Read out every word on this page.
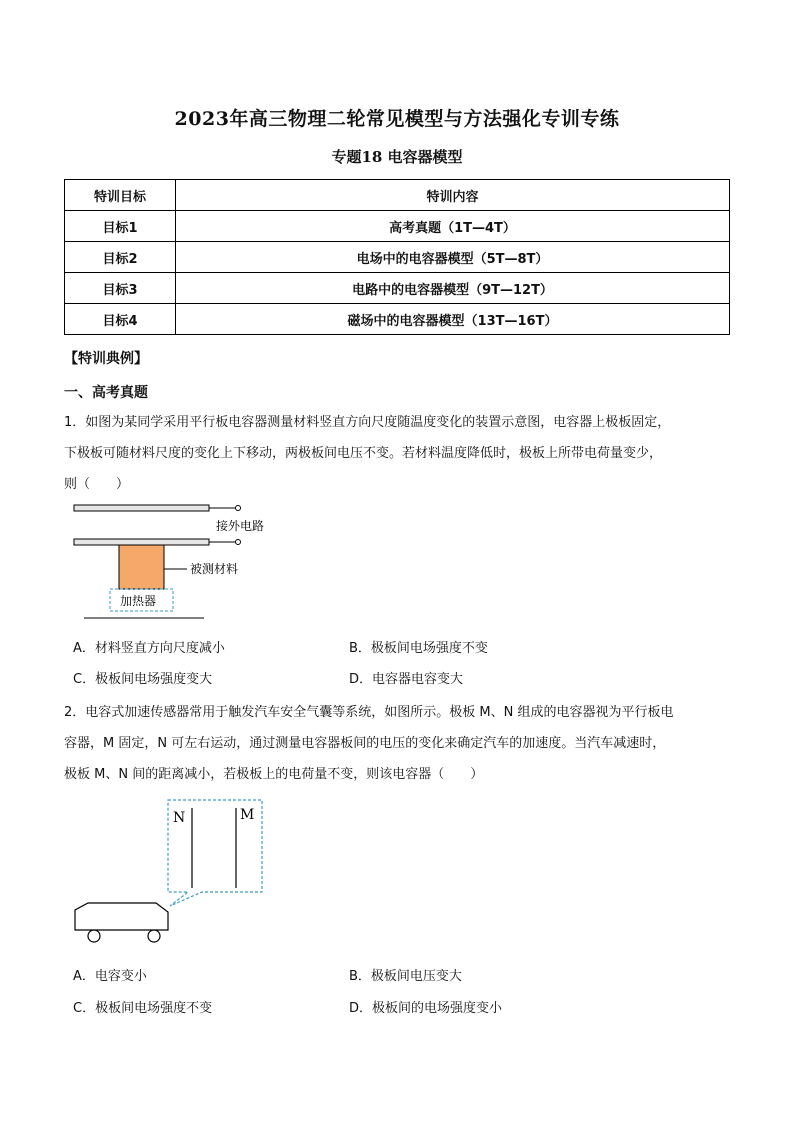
2023年高三物理二轮常见模型与方法强化专训专练
专题18 电容器模型
特训目标	特训内容
目标1	高考真题（1T—4T）
目标2	电场中的电容器模型（5T—8T）
目标3	电路中的电容器模型（9T—12T）
目标4	磁场中的电容器模型（13T—16T）
【特训典例】
一、高考真题
1．如图为某同学采用平行板电容器测量材料竖直方向尺度随温度变化的装置示意图，电容器上极板固定，
下极板可随材料尺度的变化上下移动，两极板间电压不变。若材料温度降低时，极板上所带电荷量变少，
则（　　）
接外电路
被测材料
加热器
A．材料竖直方向尺度减小	B．极板间电场强度不变
C．极板间电场强度变大	D．电容器电容变大
2．电容式加速传感器常用于触发汽车安全气囊等系统，如图所示。极板 M、N 组成的电容器视为平行板电
容器，M 固定，N 可左右运动，通过测量电容器板间的电压的变化来确定汽车的加速度。当汽车减速时，
极板 M、N 间的距离减小，若极板上的电荷量不变，则该电容器（　　）
N	M
A．电容变小	B．极板间电压变大
C．极板间电场强度不变	D．极板间的电场强度变小
